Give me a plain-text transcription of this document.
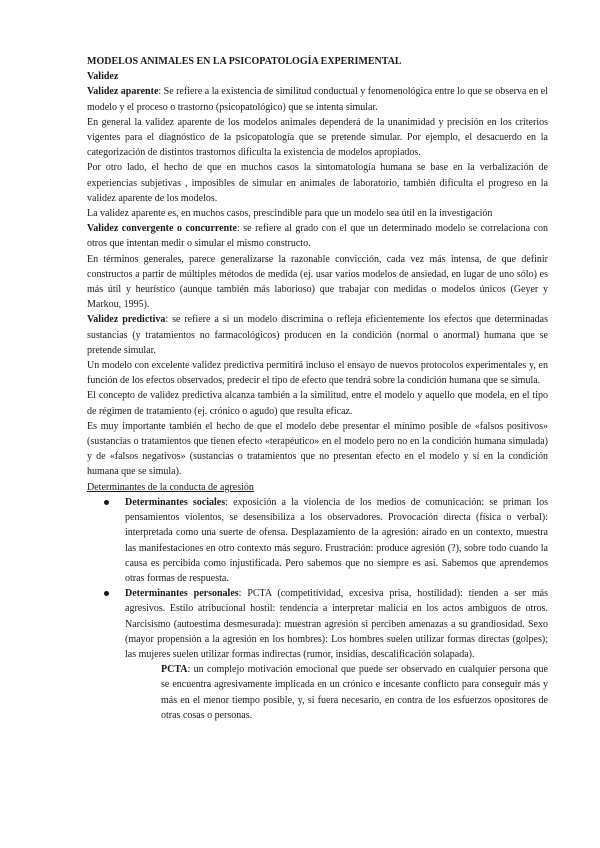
MODELOS ANIMALES EN LA PSICOPATOLOGÍA EXPERIMENTAL

Validez

Validez aparente: Se refiere a la existencia de similitud conductual y fenomenológica entre lo que se observa en el modelo y el proceso o trastorno (psicopatológico) que se intenta simular.

En general la validez aparente de los modelos animales dependerá de la unanimidad y precisión en los criterios vigentes para el diagnóstico de la psicopatología que se pretende simular. Por ejemplo, el desacuerdo en la categorización de distintos trastornos dificulta la existencia de modelos apropiados.

Por otro lado, el hecho de que en muchos casos la sintomatología humana se base en la verbalización de experiencias subjetivas , imposibles de simular en animales de laboratorio, también dificulta el progreso en la validez aparente de los modelos.

La validez aparente es, en muchos casos, prescindible para que un modelo sea útil en la investigación

Validez convergente o concurrente: se refiere al grado con el que un determinado modelo se correlaciona con otros que intentan medir o simular el mismo constructo.

En términos generales, parece generalizarse la razonable convicción, cada vez más intensa, de que definir constructos a partir de múltiples métodos de medida (ej. usar varios modelos de ansiedad, en lugar de uno sólo) es más útil y heurístico (aunque también más laborioso) que trabajar con medidas o modelos únicos (Geyer y Markou, 1995).

Validez predictiva: se refiere a si un modelo discrimina o refleja eficientemente los efectos que determinadas sustancias (y tratamientos no farmacológicos) producen en la condición (normal o anormal) humana que se pretende simular.

Un modelo con excelente validez predictiva permitirá incluso el ensayo de nuevos protocolos experimentales y, en función de los efectos observados, predecir el tipo de efecto que tendrá sobre la condición humana que se simula.

El concepto de validez predictiva alcanza también a la similitud, entre el modelo y aquello que modela, en el tipo de régimen de tratamiento (ej. crónico o agudo) que resulta eficaz.

Es muy importante también el hecho de que el modelo debe presentar el mínimo posible de «falsos positivos» (sustancias o tratamientos que tienen efecto «terapéutico» en el modelo pero no en la condición humana simulada) y de «falsos negativos» (sustancias o tratamientos que no presentan efecto en el modelo y sí en la condición humana que se simula).

Determinantes de la conducta de agresión

Determinantes sociales: exposición a la violencia de los medios de comunicación: se priman los pensamientos violentos, se desensibiliza a los observadores. Provocación directa (física o verbal): interpretada como una suerte de ofensa. Desplazamiento de la agresión: airado en un contexto, muestra las manifestaciones en otro contexto más seguro. Frustración: produce agresión (?), sobre todo cuando la causa es percibida como injustificada. Pero sabemos que no siempre es así. Sabemos que aprendemos otras formas de respuesta.
Determinantes personales: PCTA (competitividad, excesiva prisa, hostilidad): tienden a ser más agresivos. Estilo atribucional hostil: tendencia a interpretar malicia en los actos ambiguos de otros. Narcisismo (autoestima desmesurada): muestran agresión si perciben amenazas a su grandiosidad. Sexo (mayor propensión a la agresión en los hombres): Los hombres suelen utilizar formas directas (golpes); las mujeres suelen utilizar formas indirectas (rumor, insidias, descalificación solapada).

PCTA: un complejo motivación emocional que puede ser observado en cualquier persona que se encuentra agresivamente implicada en un crónico e incesante conflicto para conseguir más y más en el menor tiempo posible, y, si fuera necesario, en contra de los esfuerzos opositores de otras cosas o personas.
